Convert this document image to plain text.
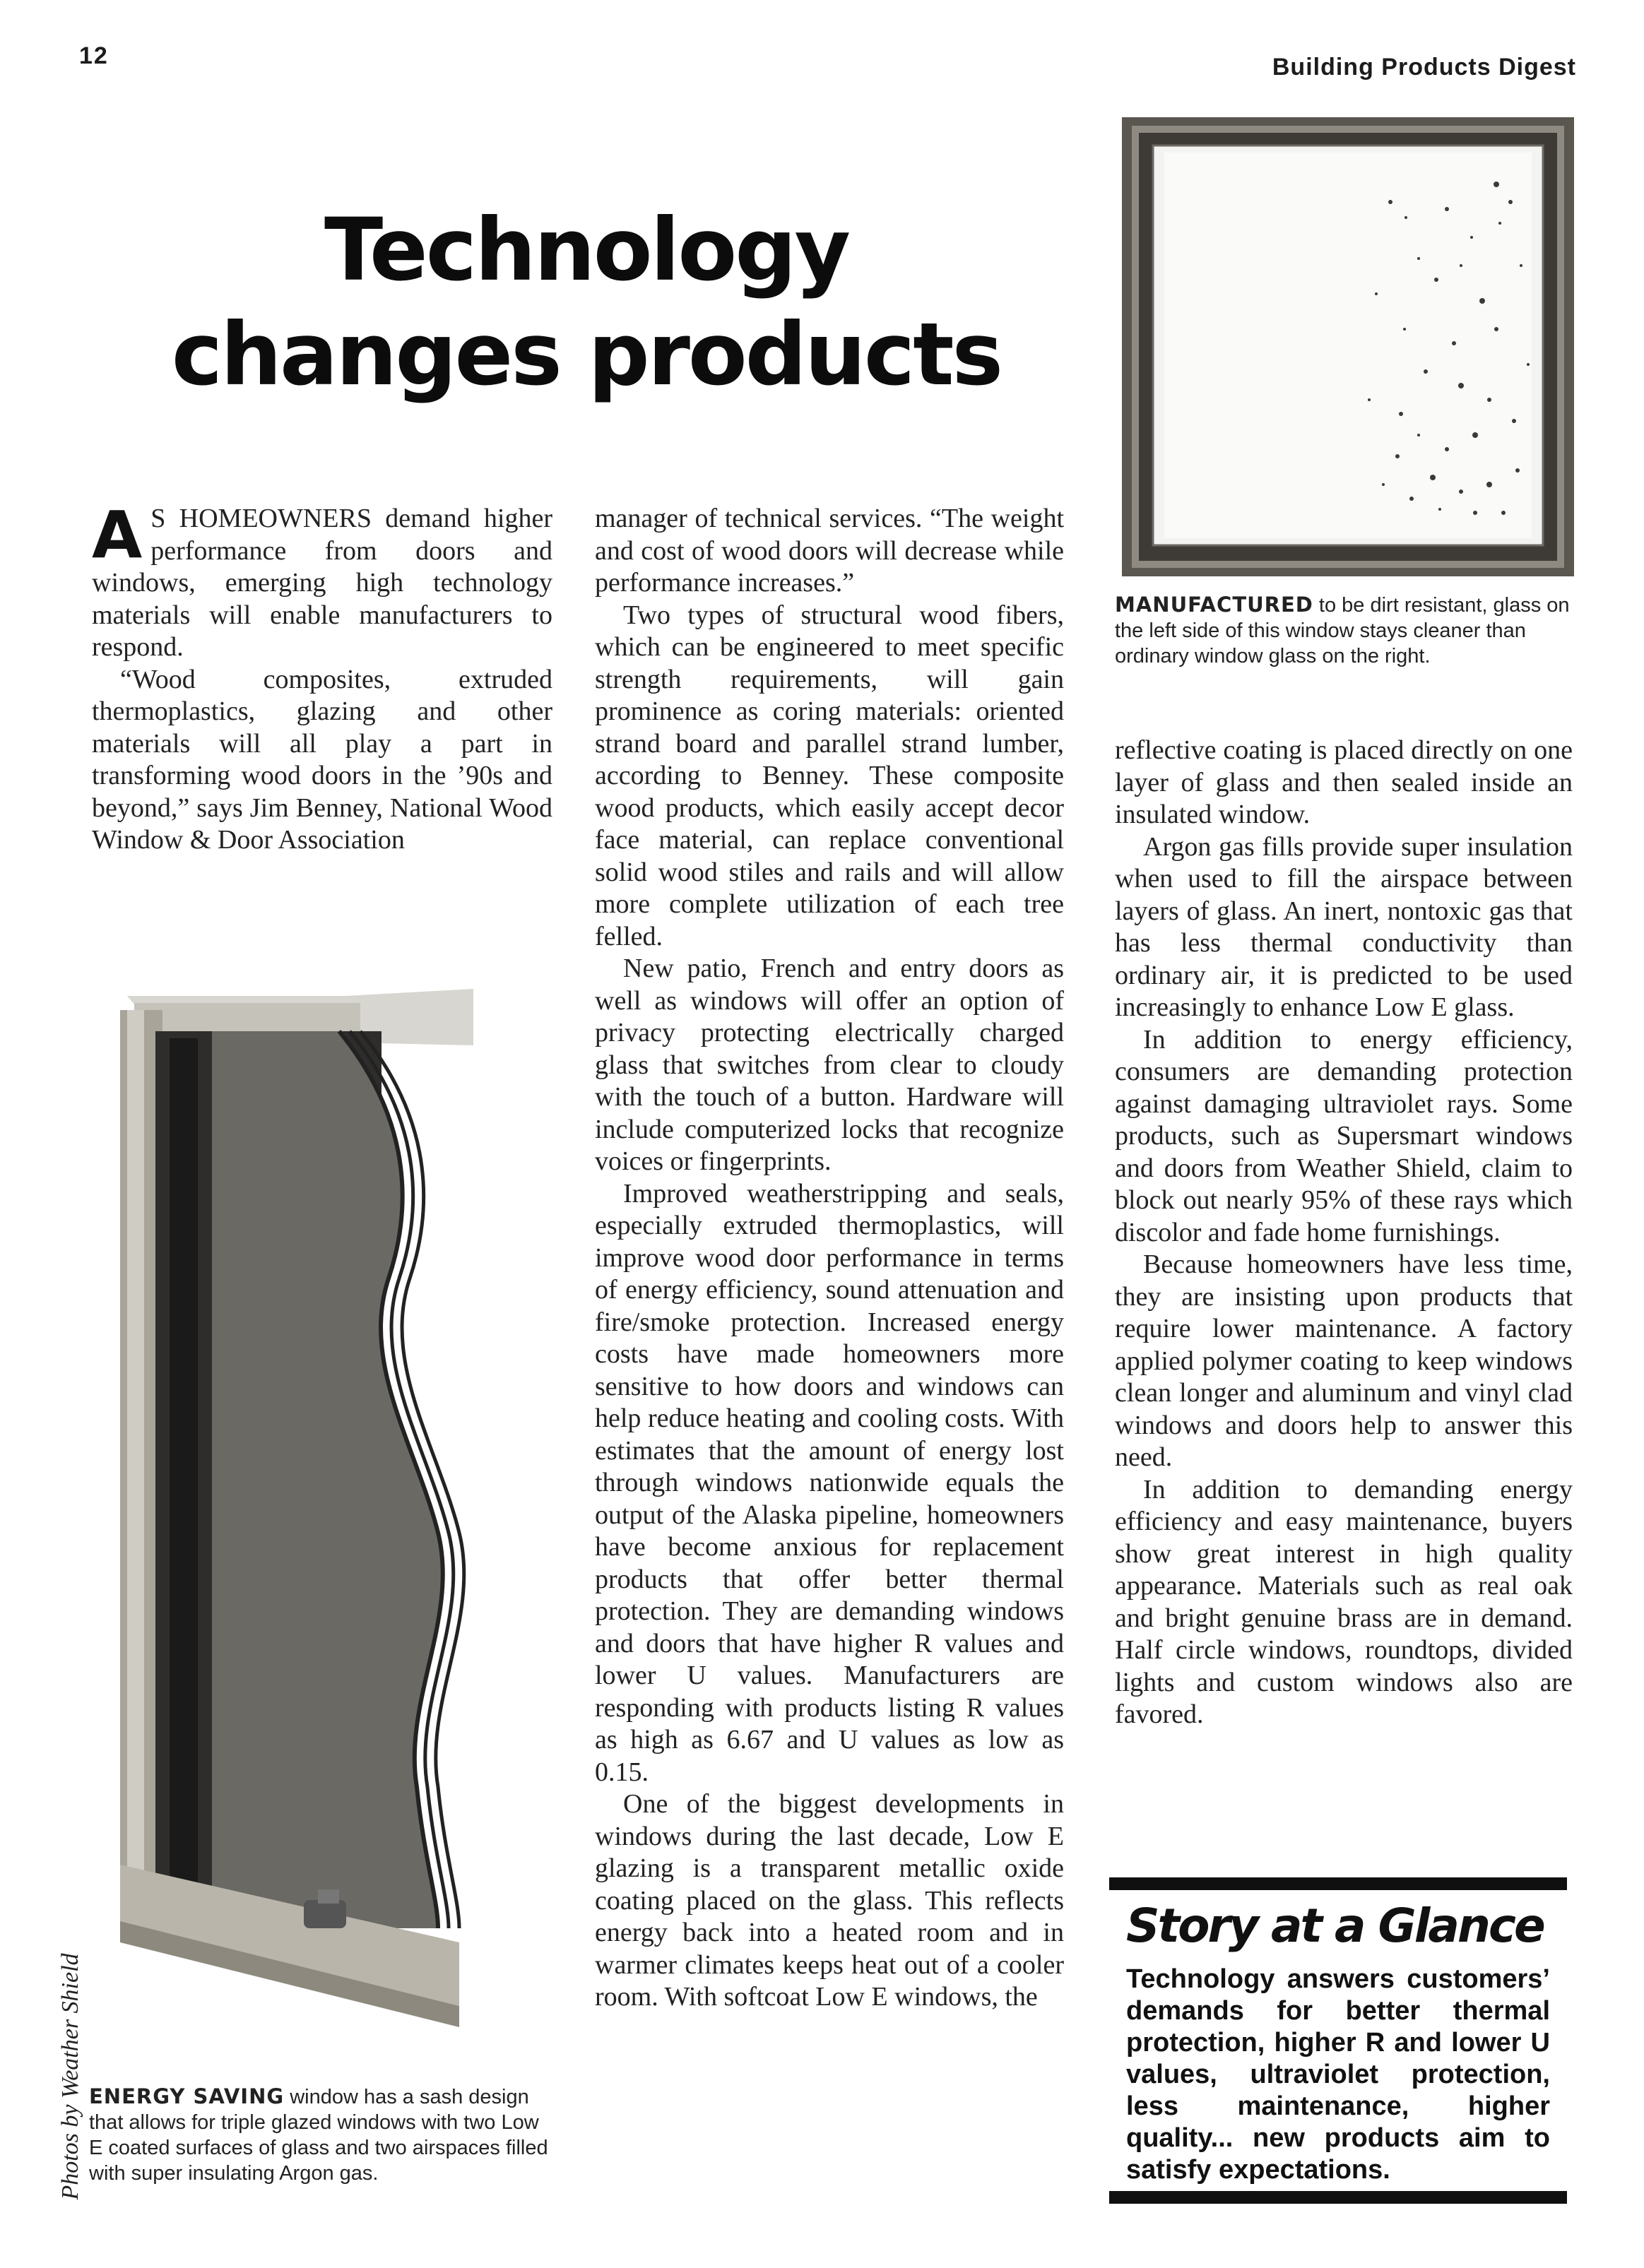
12	Building Products Digest
Technology
changes products
MANUFACTURED to be dirt resistant, glass on the left side of this window stays cleaner than ordinary window glass on the right.
Photos by Weather Shield ENERGY SAVING window has a sash design that allows for triple glazed windows with two Low E coated surfaces of glass and two airspaces filled with super insulating Argon gas.

A S HOMEOWNERS demand higher performance from doors and windows, emerging high technology materials will enable manufacturers to respond.

“Wood composites, extruded thermoplastics, glazing and other materials will all play a part in transforming wood doors in the ’90s and beyond,” says Jim Benney, National Wood Window & Door Association

manager of technical services. “The weight and cost of wood doors will decrease while performance increases.”

Two types of structural wood fibers, which can be engineered to meet specific strength requirements, will gain prominence as coring materials: oriented strand board and parallel strand lumber, according to Benney. These composite wood products, which easily accept decor face material, can replace conventional solid wood stiles and rails and will allow more complete utilization of each tree felled.

New patio, French and entry doors as well as windows will offer an option of privacy protecting electrically charged glass that switches from clear to cloudy with the touch of a button. Hardware will include computerized locks that recognize voices or fingerprints.

Improved weatherstripping and seals, especially extruded thermoplastics, will improve wood door performance in terms of energy efficiency, sound attenuation and fire/smoke protection. Increased energy costs have made homeowners more sensitive to how doors and windows can help reduce heating and cooling costs. With estimates that the amount of energy lost through windows nationwide equals the output of the Alaska pipeline, homeowners have become anxious for replacement products that offer better thermal protection. They are demanding windows and doors that have higher R values and lower U values. Manufacturers are responding with products listing R values as high as 6.67 and U values as low as 0.15.

One of the biggest developments in windows during the last decade, Low E glazing is a transparent metallic oxide coating placed on the glass. This reflects energy back into a heated room and in warmer climates keeps heat out of a cooler room. With softcoat Low E windows, the

reflective coating is placed directly on one layer of glass and then sealed inside an insulated window.

Argon gas fills provide super insulation when used to fill the airspace between layers of glass. An inert, nontoxic gas that has less thermal conductivity than ordinary air, it is predicted to be used increasingly to enhance Low E glass.

In addition to energy efficiency, consumers are demanding protection against damaging ultraviolet rays. Some products, such as Supersmart windows and doors from Weather Shield, claim to block out nearly 95% of these rays which discolor and fade home furnishings.

Because homeowners have less time, they are insisting upon products that require lower maintenance. A factory applied polymer coating to keep windows clean longer and aluminum and vinyl clad windows and doors help to answer this need.

In addition to demanding energy efficiency and easy maintenance, buyers show great interest in high quality appearance. Materials such as real oak and bright genuine brass are in demand. Half circle windows, roundtops, divided lights and custom windows also are favored.

Story at a Glance
Technology answers customers’ demands for better thermal protection, higher R and lower U values, ultraviolet protection, less maintenance, higher quality... new products aim to satisfy expectations.
